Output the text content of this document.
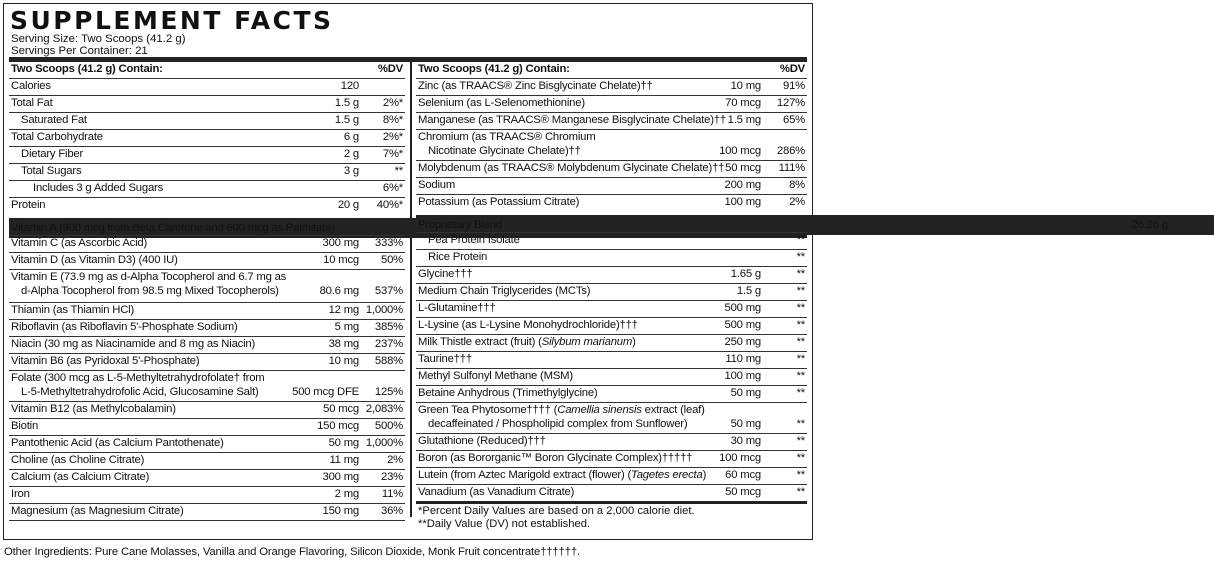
SUPPLEMENT FACTS
Serving Size: Two Scoops (41.2 g)
Servings Per Container: 21
Two Scoops (41.2 g) Contain:	%DV
Calories	120
Total Fat	1.5 g 2%*
Saturated Fat	1.5 g 8%*
Total Carbohydrate	6 g 2%*
Dietary Fiber	2 g 7%*
Total Sugars	3 g	**
Includes 3 g Added Sugars	6%*
Protein	20 g 40%*
Vitamin A (900 mcg from Beta Carotene and 600 mcg as Palmitate)
Vitamin C (as Ascorbic Acid)	300 mg 333%
Vitamin D (as Vitamin D3) (400 IU)	10 mcg 50%
Vitamin E (73.9 mg as d-Alpha Tocopherol and 6.7 mg as
d-Alpha Tocopherol from 98.5 mg Mixed Tocopherols)	80.6 mg 537%
Thiamin (as Thiamin HCl)	12 mg 1,000%
Riboflavin (as Riboflavin 5'-Phosphate Sodium)	5 mg 385%
Niacin (30 mg as Niacinamide and 8 mg as Niacin)	38 mg 237%
Vitamin B6 (as Pyridoxal 5'-Phosphate)	10 mg 588%
Folate (300 mcg as L-5-Methyltetrahydrofolate† from
L-5-Methyltetrahydrofolic Acid, Glucosamine Salt)	500 mcg DFE 125%
Vitamin B12 (as Methylcobalamin)	50 mcg 2,083%
Biotin	150 mcg 500%
Pantothenic Acid (as Calcium Pantothenate)	50 mg 1,000%
Choline (as Choline Citrate)	11 mg 2%
Calcium (as Calcium Citrate)	300 mg 23%
Iron	2 mg 11%
Magnesium (as Magnesium Citrate)	150 mg 36%
Two Scoops (41.2 g) Contain:	%DV
Zinc (as TRAACS® Zinc Bisglycinate Chelate)††	10 mg 91%
Selenium (as L-Selenomethionine)	70 mcg 127%
Manganese (as TRAACS® Manganese Bisglycinate Chelate)†† 1.5 mg 65%
Chromium (as TRAACS® Chromium
Nicotinate Glycinate Chelate)††	100 mcg 286%
Molybdenum (as TRAACS® Molybdenum Glycinate Chelate)†† 50 mcg 111%
Sodium	200 mg 8%
Potassium (as Potassium Citrate)	100 mg 2%
Proprietary Blend	26.26 g
Pea Protein Isolate	**
Rice Protein	**
Glycine†††	1.65 g	**
Medium Chain Triglycerides (MCTs)	1.5 g	**
L-Glutamine†††	500 mg	**
L-Lysine (as L-Lysine Monohydrochloride)†††	500 mg	**
Milk Thistle extract (fruit) (Silybum marianum)	250 mg	**
Taurine†††	110 mg	**
Methyl Sulfonyl Methane (MSM)	100 mg	**
Betaine Anhydrous (Trimethylglycine)	50 mg	**
Green Tea Phytosome†††† (Camellia sinensis extract (leaf)
decaffeinated / Phospholipid complex from Sunflower)	50 mg	**
Glutathione (Reduced)†††	30 mg	**
Boron (as Bororganic™ Boron Glycinate Complex)††††† 100 mcg	**
Lutein (from Aztec Marigold extract (flower) (Tagetes erecta) 60 mcg	**
Vanadium (as Vanadium Citrate)	50 mcg	**
*Percent Daily Values are based on a 2,000 calorie diet.
**Daily Value (DV) not established.
Other Ingredients: Pure Cane Molasses, Vanilla and Orange Flavoring, Silicon Dioxide, Monk Fruit concentrate††††††.
